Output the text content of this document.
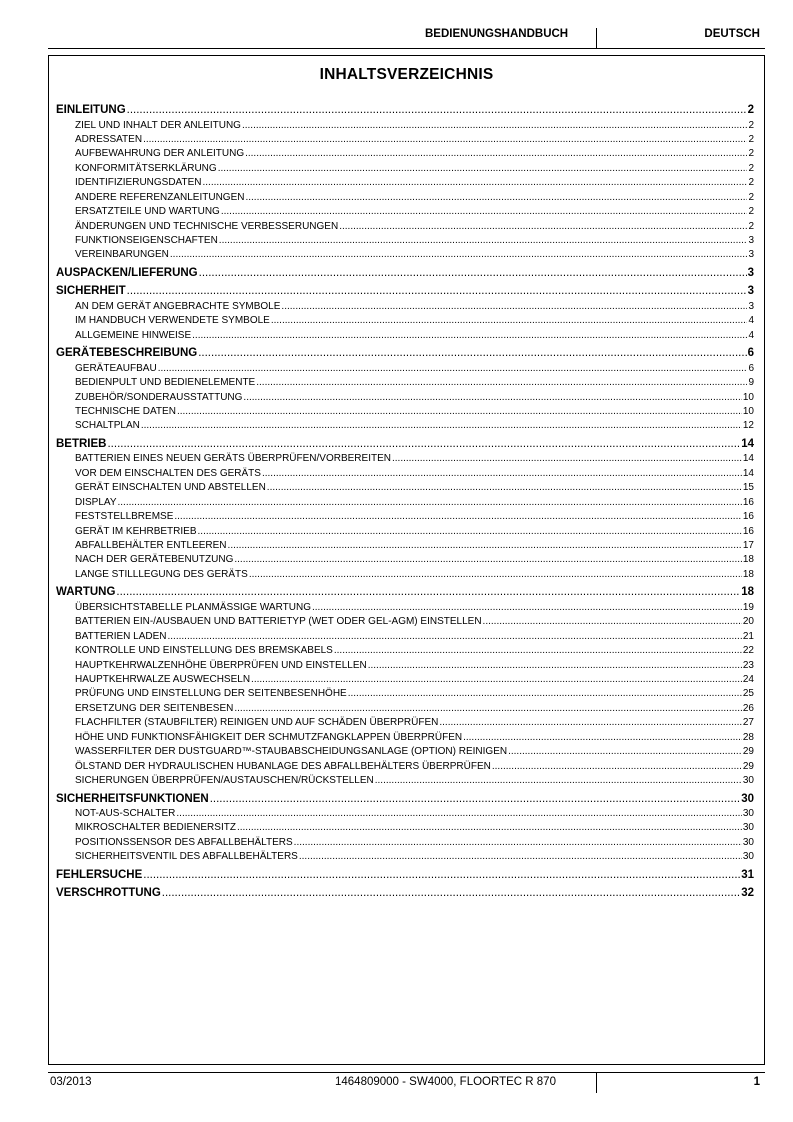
BEDIENUNGSHANDBUCH	DEUTSCH
INHALTSVERZEICHNIS
EINLEITUNG .....	2
ZIEL UND INHALT DER ANLEITUNG .....	2
ADRESSATEN .....	2
AUFBEWAHRUNG DER ANLEITUNG .....	2
KONFORMITÄTSERKLÄRUNG .....	2
IDENTIFIZIERUNGSDATEN .....	2
ANDERE REFERENZANLEITUNGEN .....	2
ERSATZTEILE UND WARTUNG .....	2
ÄNDERUNGEN UND TECHNISCHE VERBESSERUNGEN .....	2
FUNKTIONSEIGENSCHAFTEN .....	3
VEREINBARUNGEN .....	3
AUSPACKEN/LIEFERUNG .....	3
SICHERHEIT .....	3
AN DEM GERÄT ANGEBRACHTE SYMBOLE .....	3
IM HANDBUCH VERWENDETE SYMBOLE .....	4
ALLGEMEINE HINWEISE .....	4
GERÄTEBESCHREIBUNG .....	6
GERÄTEAUFBAU .....	6
BEDIENPULT UND BEDIENELEMENTE .....	9
ZUBEHÖR/SONDERAUSSTATTUNG .....	10
TECHNISCHE DATEN .....	10
SCHALTPLAN .....	12
BETRIEB .....	14
BATTERIEN EINES NEUEN GERÄTS ÜBERPRÜFEN/VORBEREITEN .....	14
VOR DEM EINSCHALTEN DES GERÄTS .....	14
GERÄT EINSCHALTEN UND ABSTELLEN .....	15
DISPLAY .....	16
FESTSTELLBREMSE .....	16
GERÄT IM KEHRBETRIEB .....	16
ABFALLBEHÄLTER ENTLEEREN .....	17
NACH DER GERÄTEBENUTZUNG .....	18
LANGE STILLLEGUNG DES GERÄTS .....	18
WARTUNG .....	18
ÜBERSICHTSTABELLE PLANMÄSSIGE WARTUNG .....	19
BATTERIEN EIN-/AUSBAUEN UND BATTERIETYP (WET ODER GEL-AGM) EINSTELLEN .....	20
BATTERIEN LADEN .....	21
KONTROLLE UND EINSTELLUNG DES BREMSKABELS .....	22
HAUPTKEHRWALZENHÖHE ÜBERPRÜFEN UND EINSTELLEN .....	23
HAUPTKEHRWALZE AUSWECHSELN .....	24
PRÜFUNG UND EINSTELLUNG DER SEITENBESENHÖHE .....	25
ERSETZUNG DER SEITENBESEN .....	26
FLACHFILTER (STAUBFILTER) REINIGEN UND AUF SCHÄDEN ÜBERPRÜFEN .....	27
HÖHE UND FUNKTIONSFÄHIGKEIT DER SCHMUTZFANGKLAPPEN ÜBERPRÜFEN .....	28
WASSERFILTER DER DUSTGUARD™-STAUBABSCHEIDUNGSANLAGE (OPTION) REINIGEN .....	29
ÖLSTAND DER HYDRAULISCHEN HUBANLAGE DES ABFALLBEHÄLTERS ÜBERPRÜFEN .....	29
SICHERUNGEN ÜBERPRÜFEN/AUSTAUSCHEN/RÜCKSTELLEN .....	30
SICHERHEITSFUNKTIONEN .....	30
NOT-AUS-SCHALTER .....	30
MIKROSCHALTER BEDIENERSITZ .....	30
POSITIONSSENSOR DES ABFALLBEHÄLTERS .....	30
SICHERHEITSVENTIL DES ABFALLBEHÄLTERS .....	30
FEHLERSUCHE .....	31
VERSCHROTTUNG .....	32
03/2013	1464809000 - SW4000, FLOORTEC R 870	1
